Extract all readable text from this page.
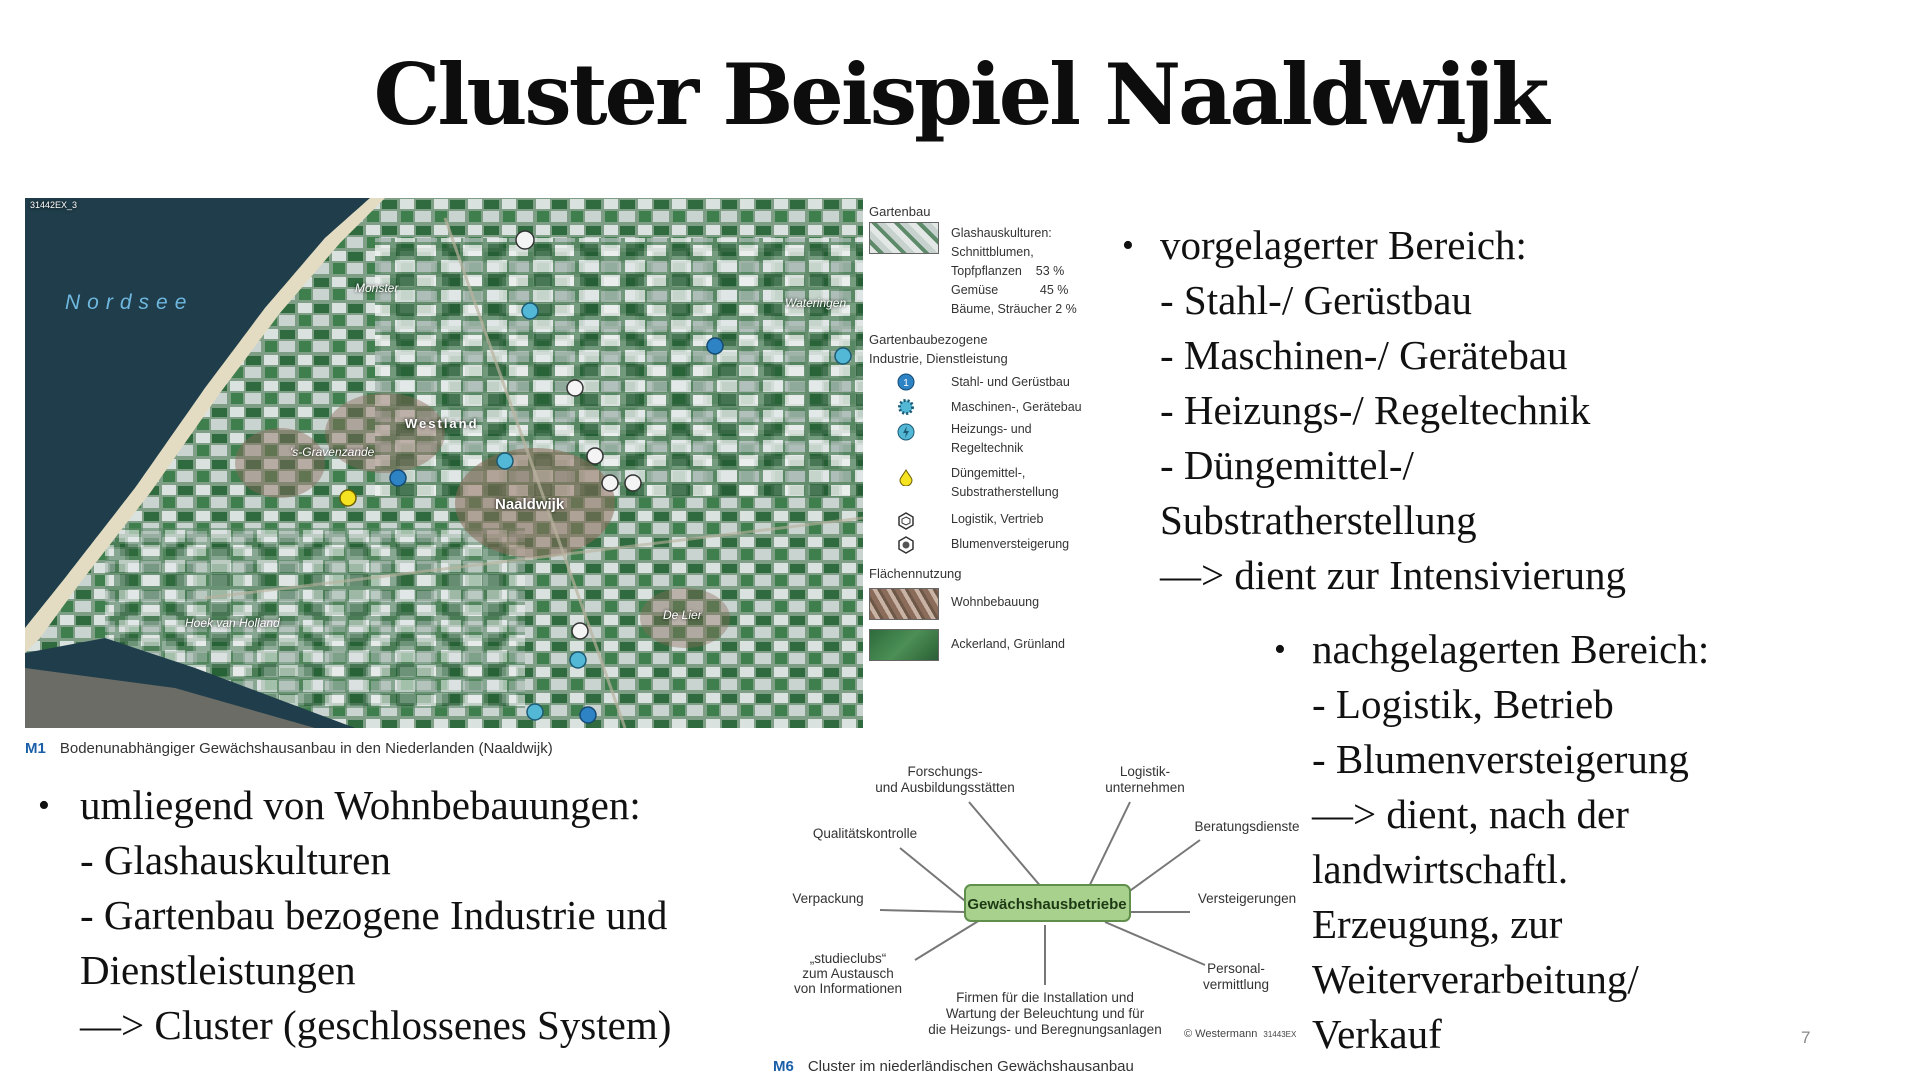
Cluster Beispiel Naaldwijk
31442EX_3
Nordsee
Monster
Wateringen
Westland
's-Gravenzande
Naaldwijk
De Lier
Hoek van Holland
Gartenbau
Glashauskulturen:
Schnittblumen,
Topfpflanzen    53 %
Gemüse            45 %
Bäume, Sträucher 2 %
Gartenbaubezogene
Industrie, Dienstleistung
1	Stahl- und Gerüstbau
Maschinen-, Gerätebau
Heizungs- und
Regeltechnik
Düngemittel-,
Substratherstellung
Logistik, Vertrieb
Blumenversteigerung
Flächennutzung
Wohnbebauung
Ackerland, Grünland
M1 Bodenunabhängiger Gewächshausanbau in den Niederlanden (Naaldwijk)
• vorgelagerter Bereich:
- Stahl-/ Gerüstbau
- Maschinen-/ Gerätebau
- Heizungs-/ Regeltechnik
- Düngemittel-/
Substratherstellung
—> dient zur Intensivierung
• nachgelagerten Bereich:
- Logistik, Betrieb
- Blumenversteigerung
—> dient, nach der
landwirtschaftl.
Erzeugung, zur
Weiterverarbeitung/
Verkauf
• umliegend von Wohnbebauungen:
- Glashauskulturen
- Gartenbau bezogene Industrie und
Dienstleistungen
—> Cluster (geschlossenes System)
Gewächshausbetriebe
Forschungs-und Ausbildungsstätten
Logistik-unternehmen
Beratungsdienste
Qualitätskontrolle
Verpackung	Versteigerungen
„studieclubs“ zum Austausch von Informationen
Personal-vermittlung
Firmen für die Installation und Wartung der Beleuchtung und für die Heizungs- und Beregnungsanlagen © Westermann 31443EX
M6 Cluster im niederländischen Gewächshausanbau
7
